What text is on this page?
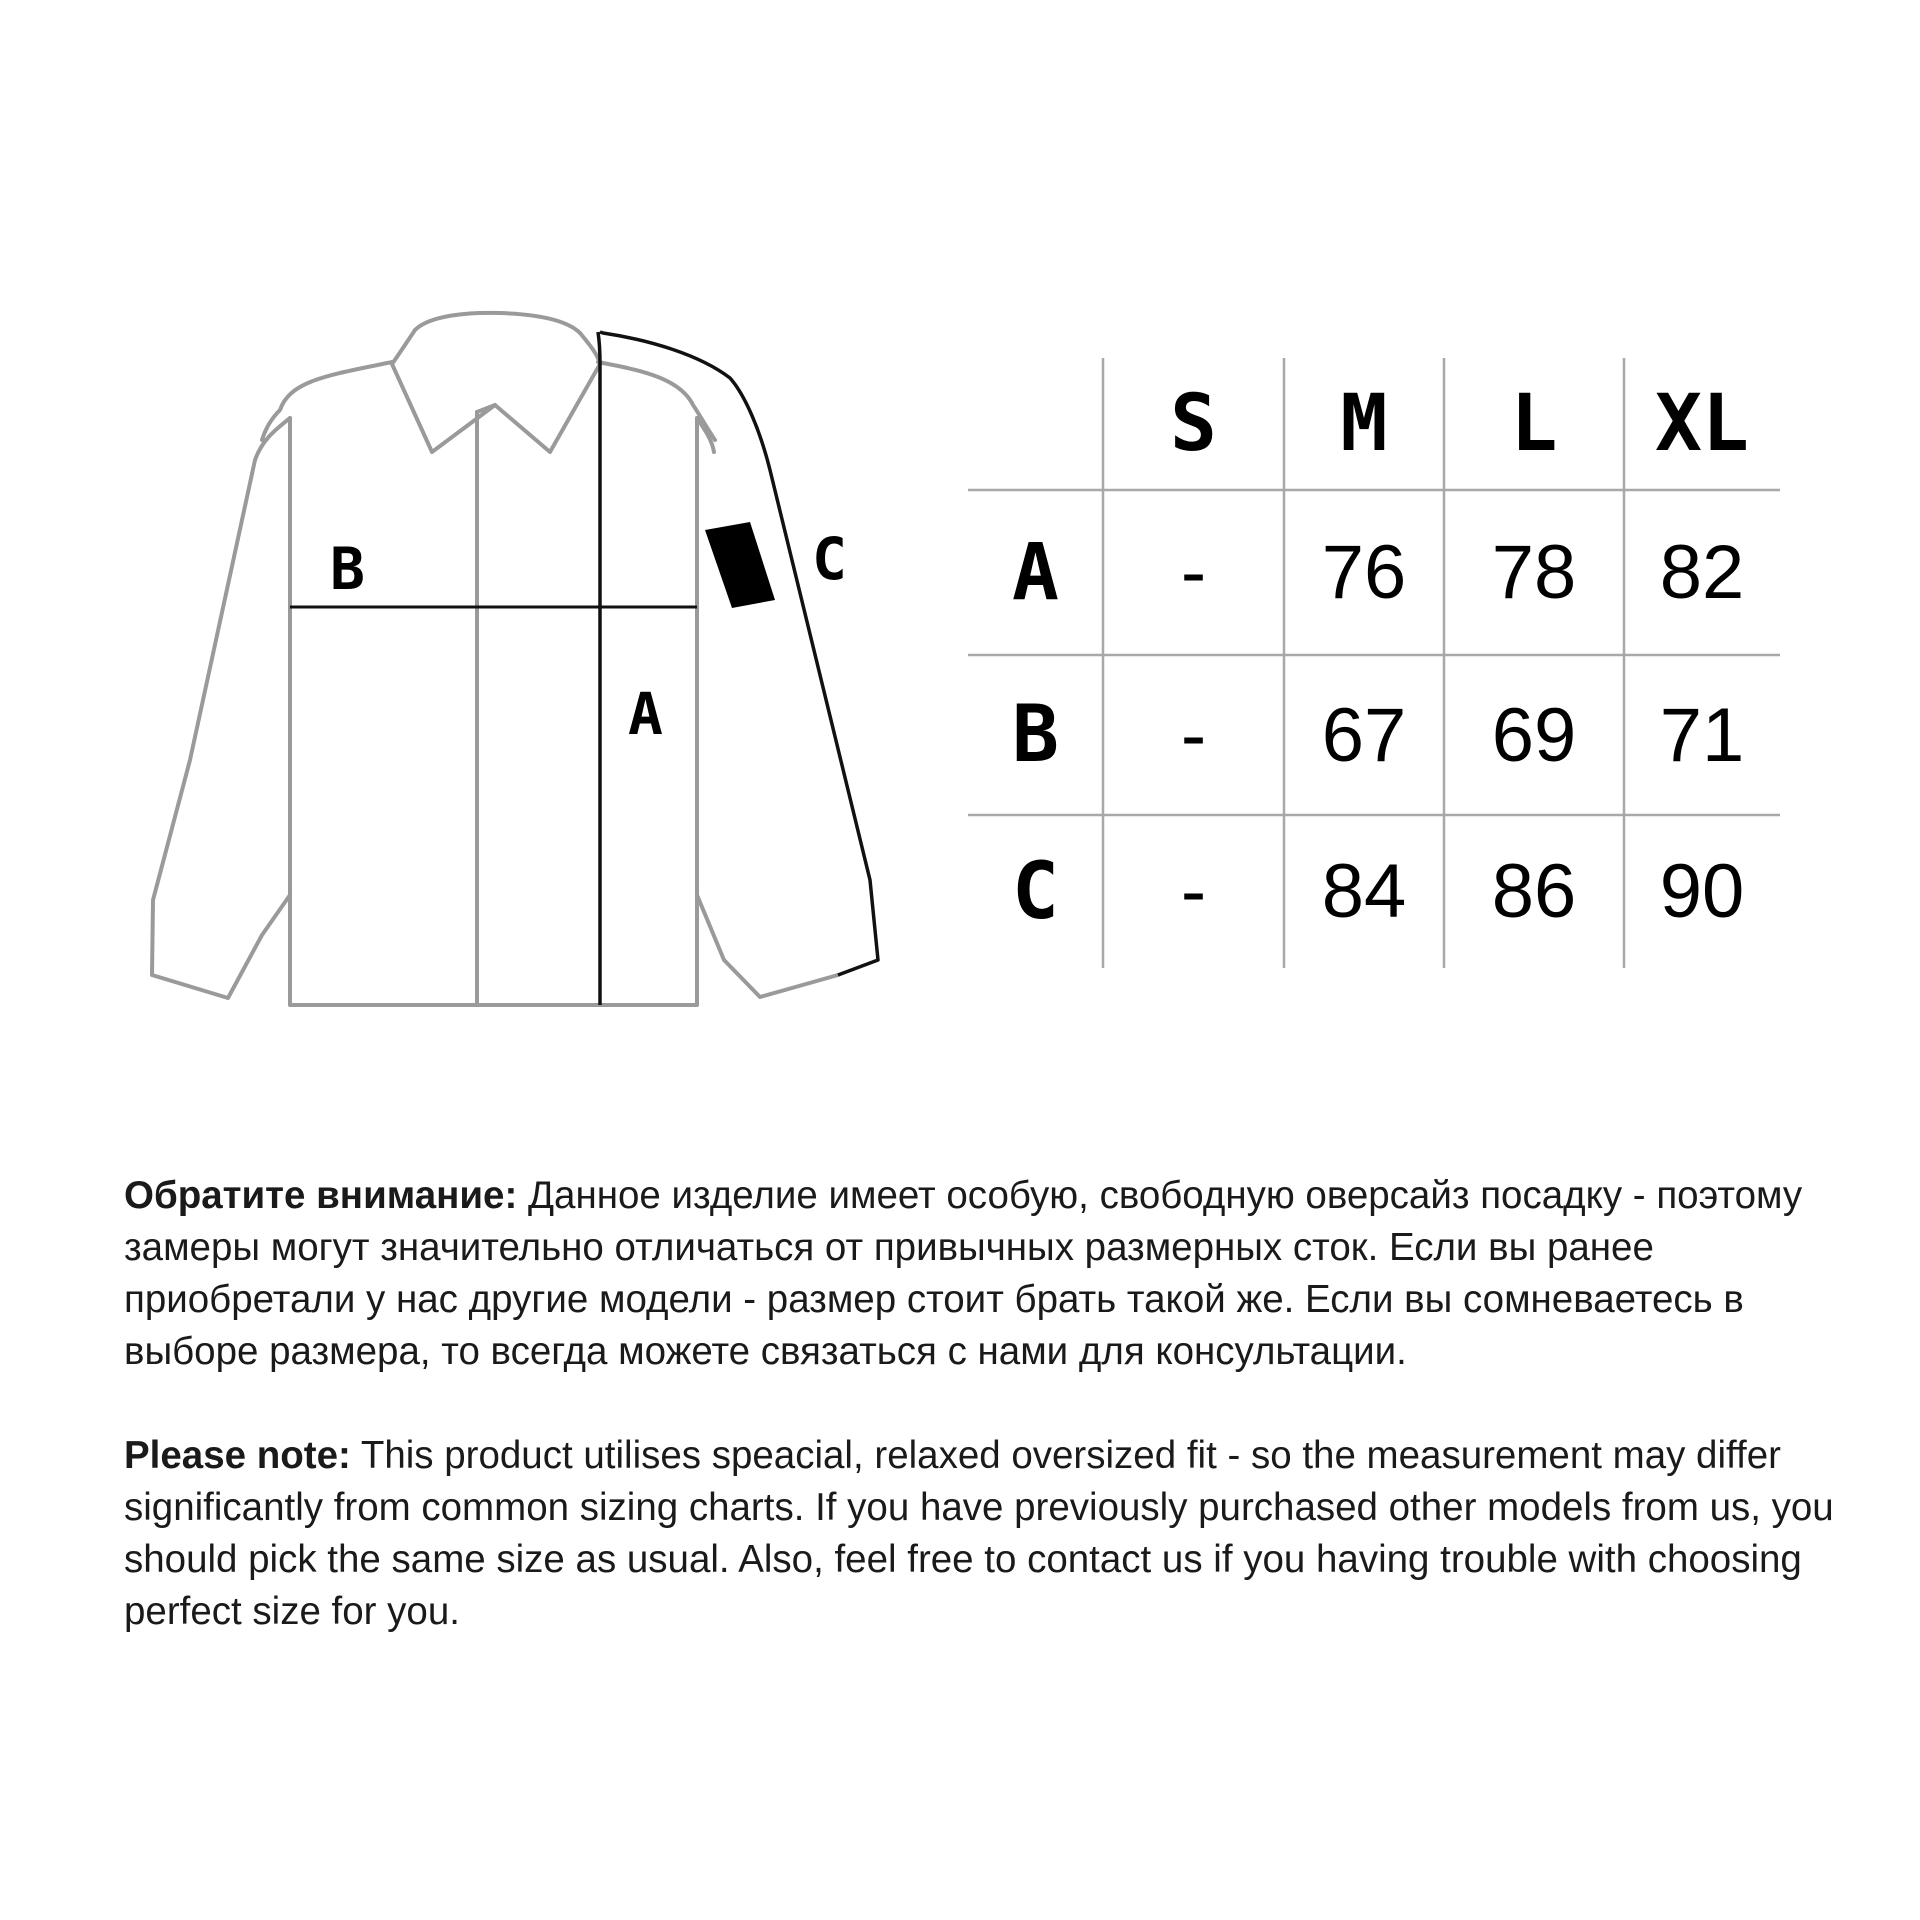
B
A
C
S	M	L	XL
A	-	76	78	82
B	-	67	69	71
C	-	84	86	90

Обратите внимание: Данное изделие имеет особую, свободную оверсайз посадку - поэтому замеры могут значительно отличаться от привычных размерных сток. Если вы ранее приобретали у нас другие модели - размер стоит брать такой же. Если вы сомневаетесь в выборе размера, то всегда можете связаться с нами для консультации.

Please note: This product utilises speacial, relaxed oversized fit - so the measurement may differ significantly from common sizing charts. If you have previously purchased other models from us, you should pick the same size as usual. Also, feel free to contact us if you having trouble with choosing perfect size for you.
